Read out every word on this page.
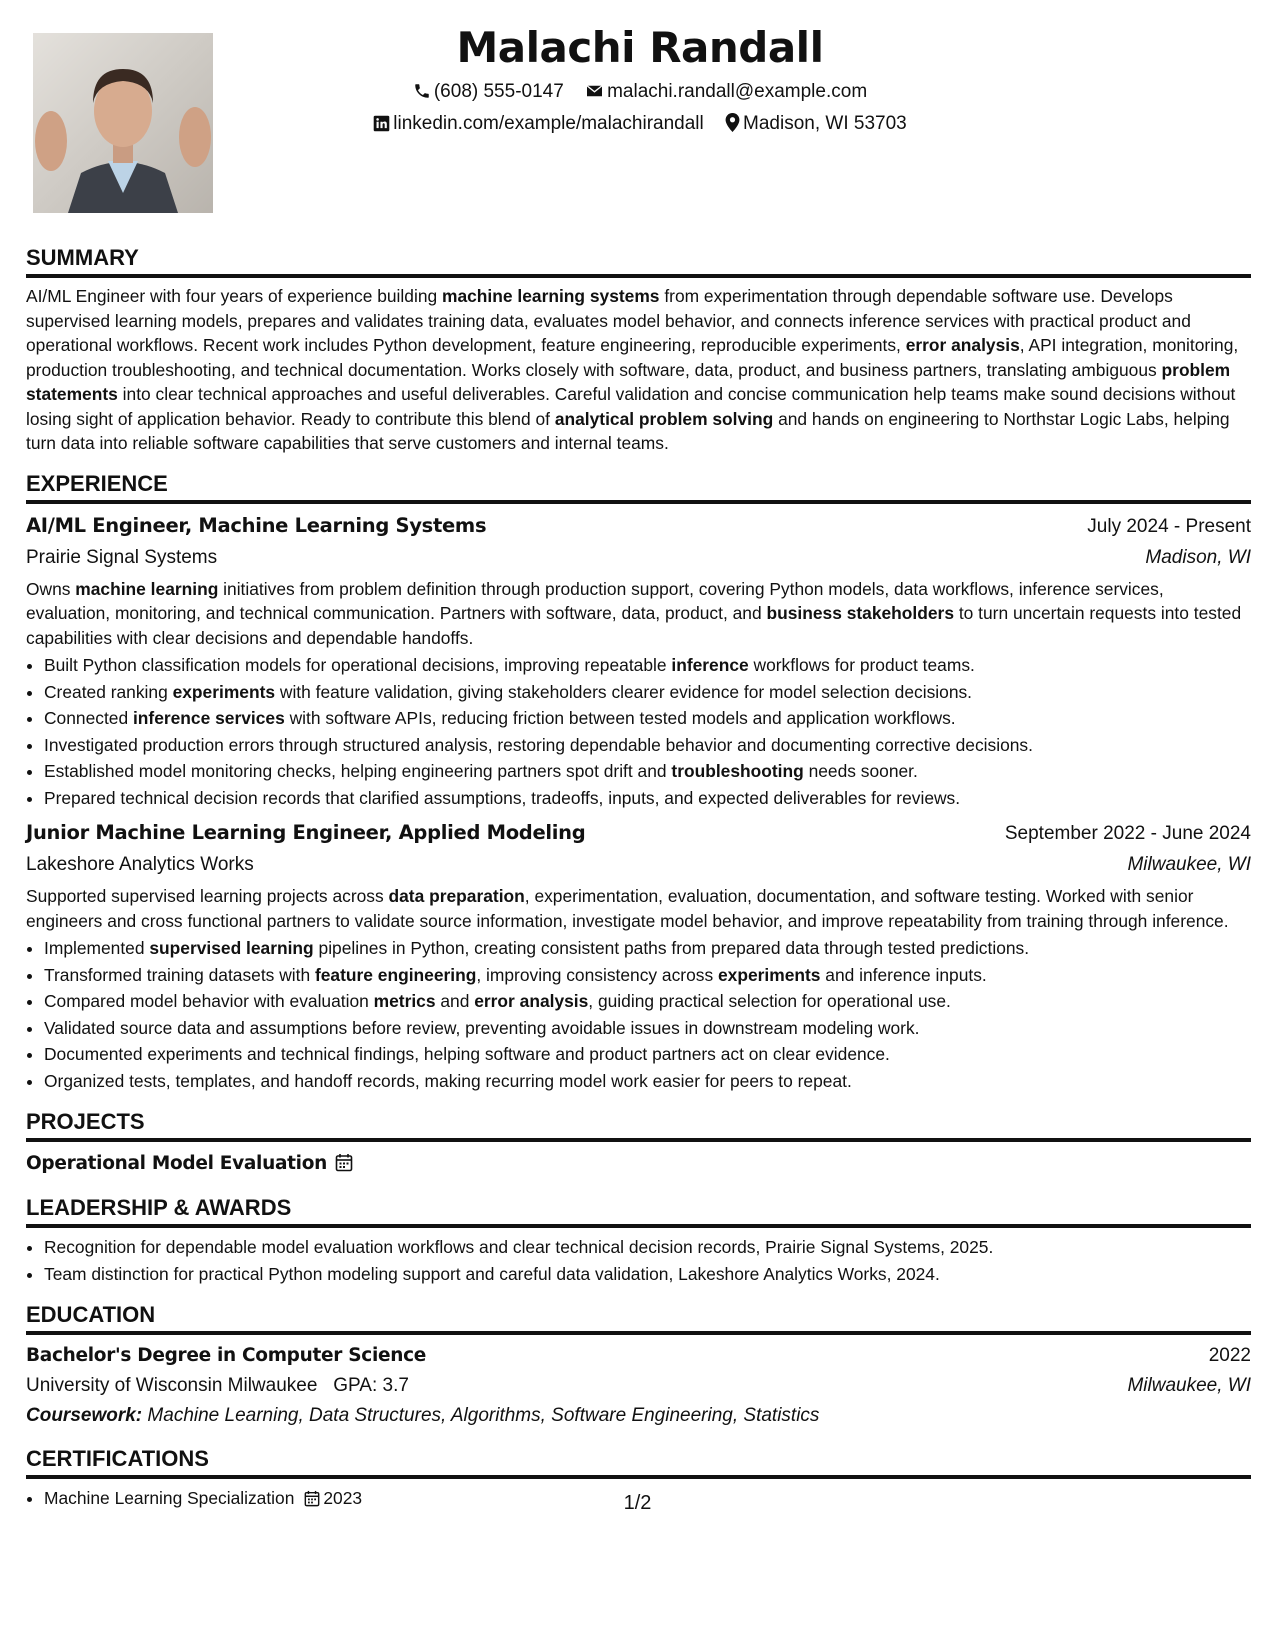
Malachi Randall
(608) 555-0147 malachi.randall@example.com
linkedin.com/example/malachirandall Madison, WI 53703
SUMMARY

AI/ML Engineer with four years of experience building machine learning systems from experimentation through dependable software use. Develops supervised learning models, prepares and validates training data, evaluates model behavior, and connects inference services with practical product and operational workflows. Recent work includes Python development, feature engineering, reproducible experiments, error analysis, API integration, monitoring, production troubleshooting, and technical documentation. Works closely with software, data, product, and business partners, translating ambiguous problem statements into clear technical approaches and useful deliverables. Careful validation and concise communication help teams make sound decisions without losing sight of application behavior. Ready to contribute this blend of analytical problem solving and hands on engineering to Northstar Logic Labs, helping turn data into reliable software capabilities that serve customers and internal teams.

EXPERIENCE
AI/ML Engineer, Machine Learning Systems	July 2024 - Present
Prairie Signal Systems	Madison, WI

Owns machine learning initiatives from problem definition through production support, covering Python models, data workflows, inference services, evaluation, monitoring, and technical communication. Partners with software, data, product, and business stakeholders to turn uncertain requests into tested capabilities with clear decisions and dependable handoffs.

• Built Python classification models for operational decisions, improving repeatable inference workflows for product teams.
• Created ranking experiments with feature validation, giving stakeholders clearer evidence for model selection decisions.
• Connected inference services with software APIs, reducing friction between tested models and application workflows.
• Investigated production errors through structured analysis, restoring dependable behavior and documenting corrective decisions.
• Established model monitoring checks, helping engineering partners spot drift and troubleshooting needs sooner.
• Prepared technical decision records that clarified assumptions, tradeoffs, inputs, and expected deliverables for reviews.
Junior Machine Learning Engineer, Applied Modeling	September 2022 - June 2024
Lakeshore Analytics Works	Milwaukee, WI

Supported supervised learning projects across data preparation, experimentation, evaluation, documentation, and software testing. Worked with senior engineers and cross functional partners to validate source information, investigate model behavior, and improve repeatability from training through inference.

• Implemented supervised learning pipelines in Python, creating consistent paths from prepared data through tested predictions.
• Transformed training datasets with feature engineering, improving consistency across experiments and inference inputs.
• Compared model behavior with evaluation metrics and error analysis, guiding practical selection for operational use.
• Validated source data and assumptions before review, preventing avoidable issues in downstream modeling work.
• Documented experiments and technical findings, helping software and product partners act on clear evidence.
• Organized tests, templates, and handoff records, making recurring model work easier for peers to repeat.
PROJECTS
Operational Model Evaluation
LEADERSHIP & AWARDS
• Recognition for dependable model evaluation workflows and clear technical decision records, Prairie Signal Systems, 2025.
• Team distinction for practical Python modeling support and careful data validation, Lakeshore Analytics Works, 2024.
EDUCATION
Bachelor's Degree in Computer Science	2022
University of Wisconsin Milwaukee GPA: 3.7	Milwaukee, WI
Coursework: Machine Learning, Data Structures, Algorithms, Software Engineering, Statistics
CERTIFICATIONS
• Machine Learning Specialization 2023	1/2
